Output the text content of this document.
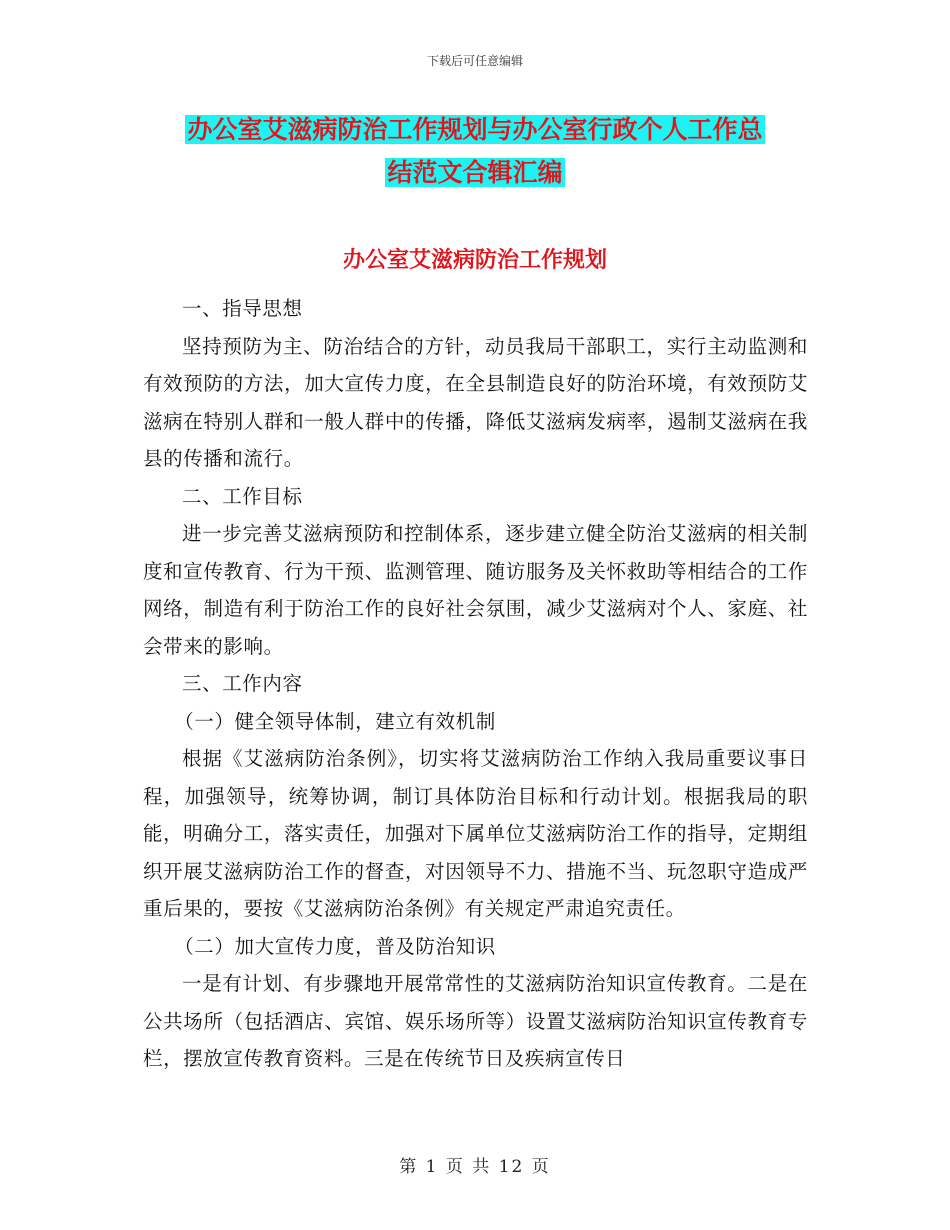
下载后可任意编辑
办公室艾滋病防治工作规划与办公室行政个人工作总
结范文合辑汇编
办公室艾滋病防治工作规划

一、指导思想

坚持预防为主、防治结合的方针，动员我局干部职工，实行主动监测和有效预防的方法，加大宣传力度，在全县制造良好的防治环境，有效预防艾滋病在特别人群和一般人群中的传播，降低艾滋病发病率，遏制艾滋病在我县的传播和流行。

二、工作目标

进一步完善艾滋病预防和控制体系，逐步建立健全防治艾滋病的相关制度和宣传教育、行为干预、监测管理、随访服务及关怀救助等相结合的工作网络，制造有利于防治工作的良好社会氛围，减少艾滋病对个人、家庭、社会带来的影响。

三、工作内容

（一）健全领导体制，建立有效机制

根据《艾滋病防治条例》，切实将艾滋病防治工作纳入我局重要议事日程，加强领导，统筹协调，制订具体防治目标和行动计划。根据我局的职能，明确分工，落实责任，加强对下属单位艾滋病防治工作的指导，定期组织开展艾滋病防治工作的督查，对因领导不力、措施不当、玩忽职守造成严重后果的，要按《艾滋病防治条例》有关规定严肃追究责任。

（二）加大宣传力度，普及防治知识

一是有计划、有步骤地开展常常性的艾滋病防治知识宣传教育。二是在公共场所（包括酒店、宾馆、娱乐场所等）设置艾滋病防治知识宣传教育专栏，摆放宣传教育资料。三是在传统节日及疾病宣传日

第 1 页 共 12 页
